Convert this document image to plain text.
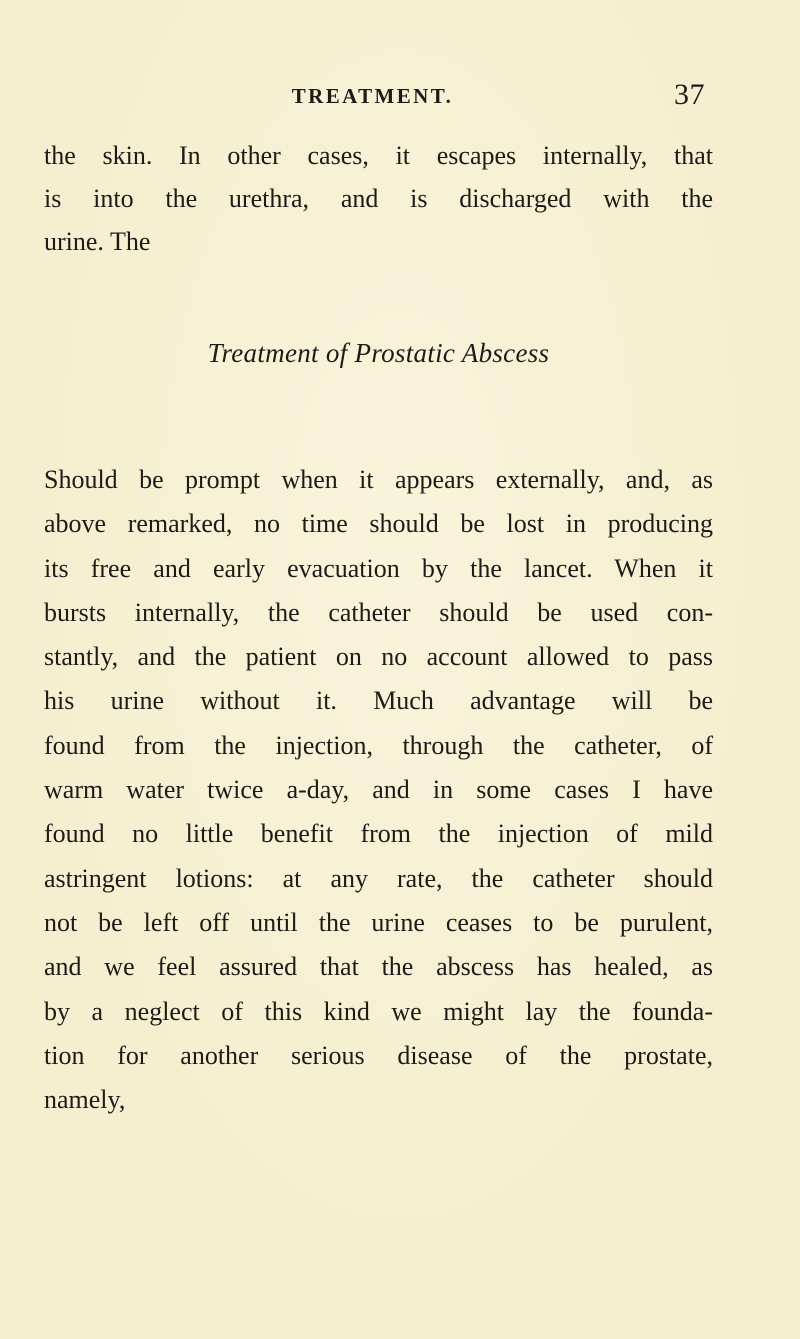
TREATMENT.	37
the skin. In other cases, it escapes internally, that
is into the urethra, and is discharged with the
urine. The
Treatment of Prostatic Abscess
Should be prompt when it appears externally, and, as
above remarked, no time should be lost in producing
its free and early evacuation by the lancet. When it
bursts internally, the catheter should be used con-
stantly, and the patient on no account allowed to pass
his urine without it. Much advantage will be
found from the injection, through the catheter, of
warm water twice a-day, and in some cases I have
found no little benefit from the injection of mild
astringent lotions: at any rate, the catheter should
not be left off until the urine ceases to be purulent,
and we feel assured that the abscess has healed, as
by a neglect of this kind we might lay the founda-
tion for another serious disease of the prostate,
namely,
